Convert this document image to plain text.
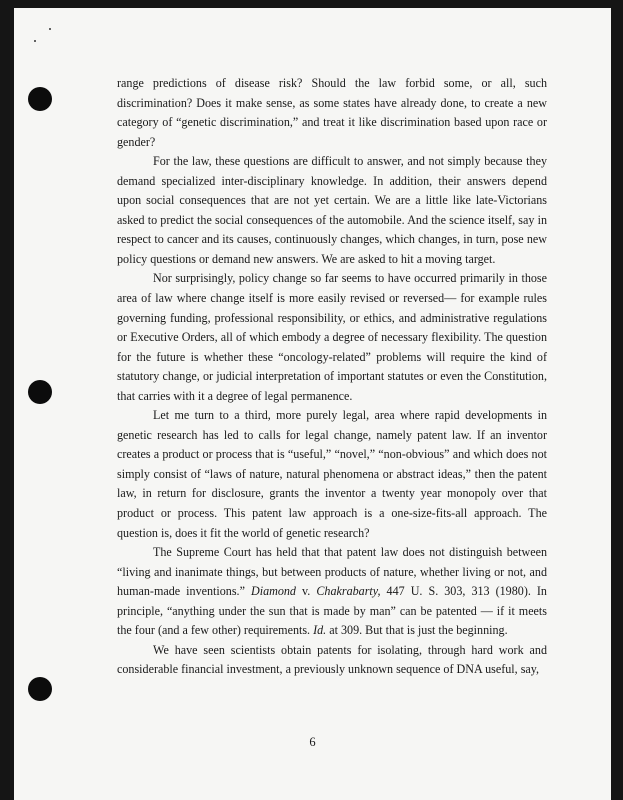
range predictions of disease risk? Should the law forbid some, or all, such discrimination? Does it make sense, as some states have already done, to create a new category of “genetic discrimination,” and treat it like discrimination based upon race or gender?

For the law, these questions are difficult to answer, and not simply because they demand specialized inter-disciplinary knowledge. In addition, their answers depend upon social consequences that are not yet certain. We are a little like late-Victorians asked to predict the social consequences of the automobile. And the science itself, say in respect to cancer and its causes, continuously changes, which changes, in turn, pose new policy questions or demand new answers. We are asked to hit a moving target.

Nor surprisingly, policy change so far seems to have occurred primarily in those area of law where change itself is more easily revised or reversed— for example rules governing funding, professional responsibility, or ethics, and administrative regulations or Executive Orders, all of which embody a degree of necessary flexibility. The question for the future is whether these “oncology-related” problems will require the kind of statutory change, or judicial interpretation of important statutes or even the Constitution, that carries with it a degree of legal permanence.

Let me turn to a third, more purely legal, area where rapid developments in genetic research has led to calls for legal change, namely patent law. If an inventor creates a product or process that is “useful,” “novel,” “non-obvious” and which does not simply consist of “laws of nature, natural phenomena or abstract ideas,” then the patent law, in return for disclosure, grants the inventor a twenty year monopoly over that product or process. This patent law approach is a one-size-fits-all approach. The question is, does it fit the world of genetic research?

The Supreme Court has held that that patent law does not distinguish between “living and inanimate things, but between products of nature, whether living or not, and human-made inventions.” Diamond v. Chakrabarty, 447 U. S. 303, 313 (1980). In principle, “anything under the sun that is made by man” can be patented — if it meets the four (and a few other) requirements. Id. at 309. But that is just the beginning.

We have seen scientists obtain patents for isolating, through hard work and considerable financial investment, a previously unknown sequence of DNA useful, say,

6
